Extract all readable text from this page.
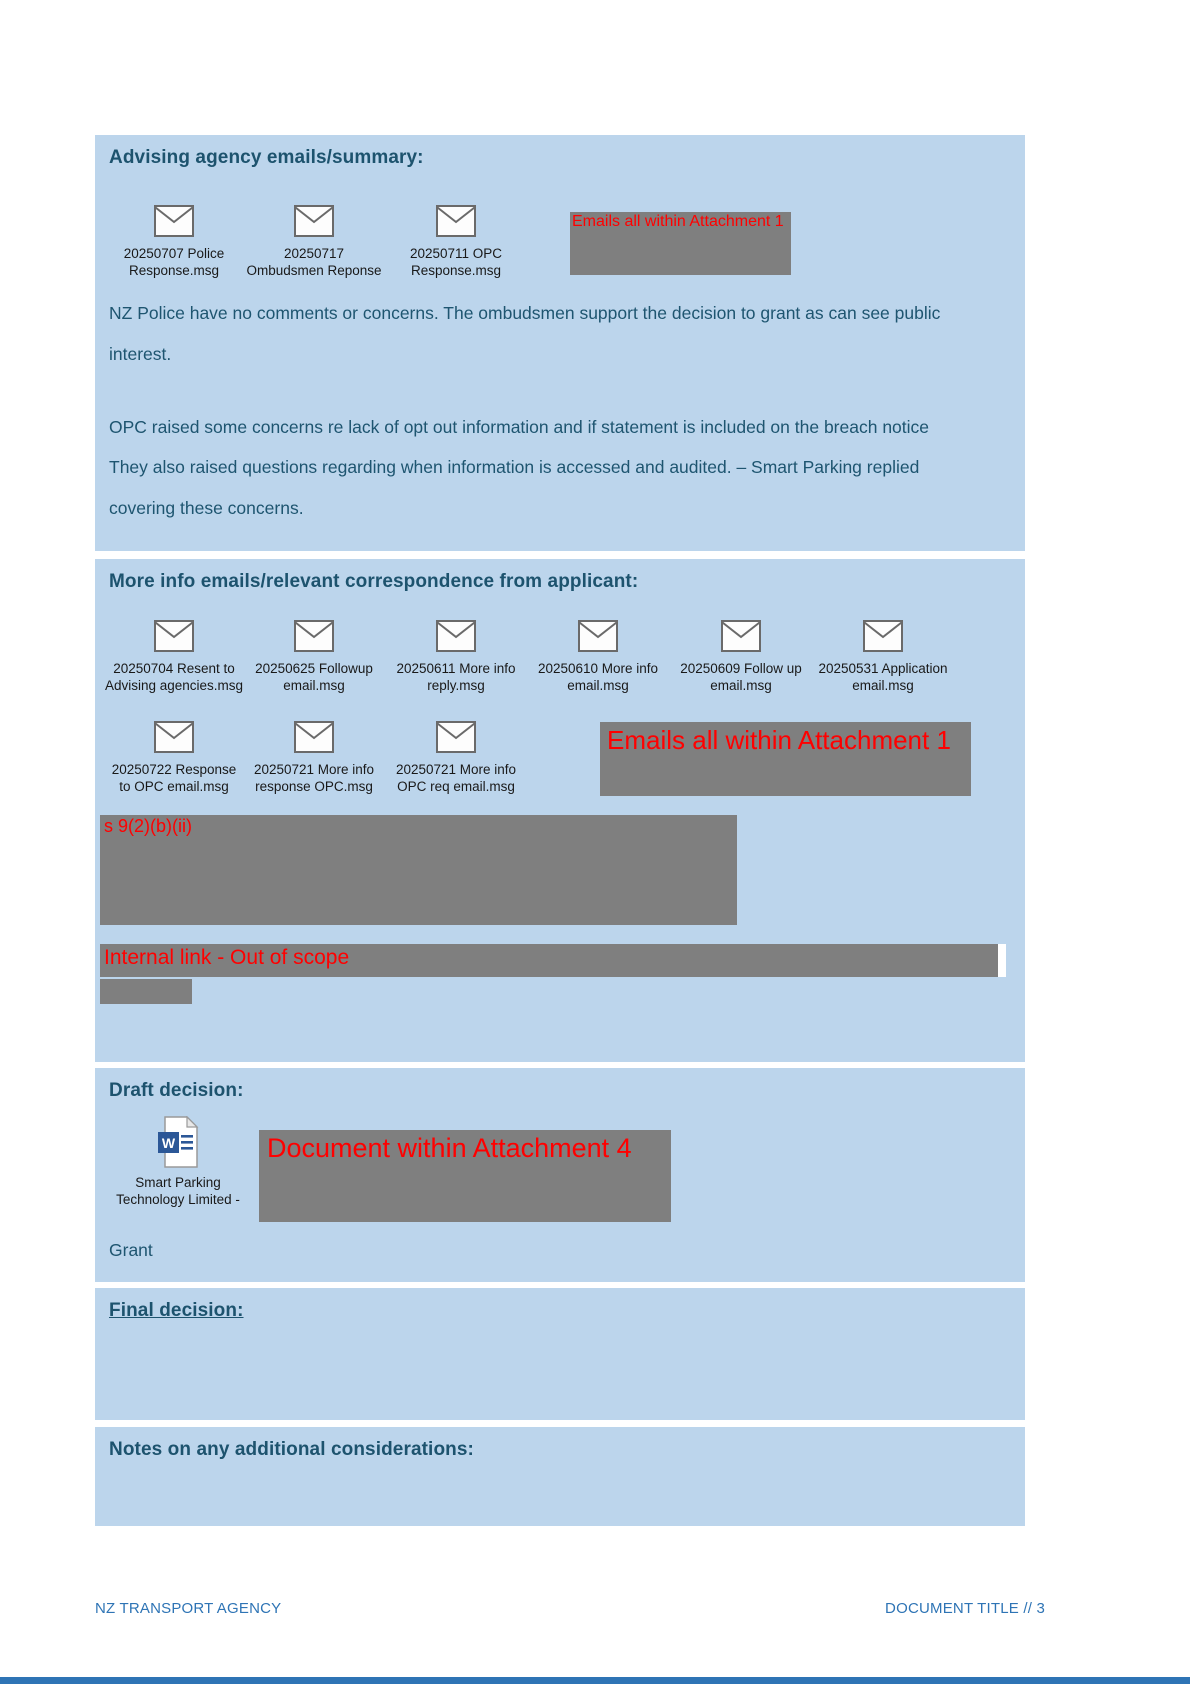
Advising agency emails/summary:
20250707 Police
Response.msg
20250717
Ombudsmen Reponse
20250711 OPC
Response.msg
Emails all within Attachment 1

NZ Police have no comments or concerns. The ombudsmen support the decision to grant as can see public interest.

OPC raised some concerns re lack of opt out information and if statement is included on the breach notice

They also raised questions regarding when information is accessed and audited. – Smart Parking replied covering these concerns.

More info emails/relevant correspondence from applicant:
20250704 Resent to
Advising agencies.msg
20250625 Followup
email.msg
20250611 More info
reply.msg
20250610 More info
email.msg
20250609 Follow up
email.msg
20250531 Application
email.msg
20250722 Response
to OPC email.msg
20250721 More info
response OPC.msg
20250721 More info
OPC req email.msg
Emails all within Attachment 1
s 9(2)(b)(ii)
Internal link - Out of scope
Draft decision:
W
Smart Parking
Technology Limited -
Document within Attachment 4

Grant

Final decision:
Notes on any additional considerations:
NZ TRANSPORT AGENCY	DOCUMENT TITLE // 3
